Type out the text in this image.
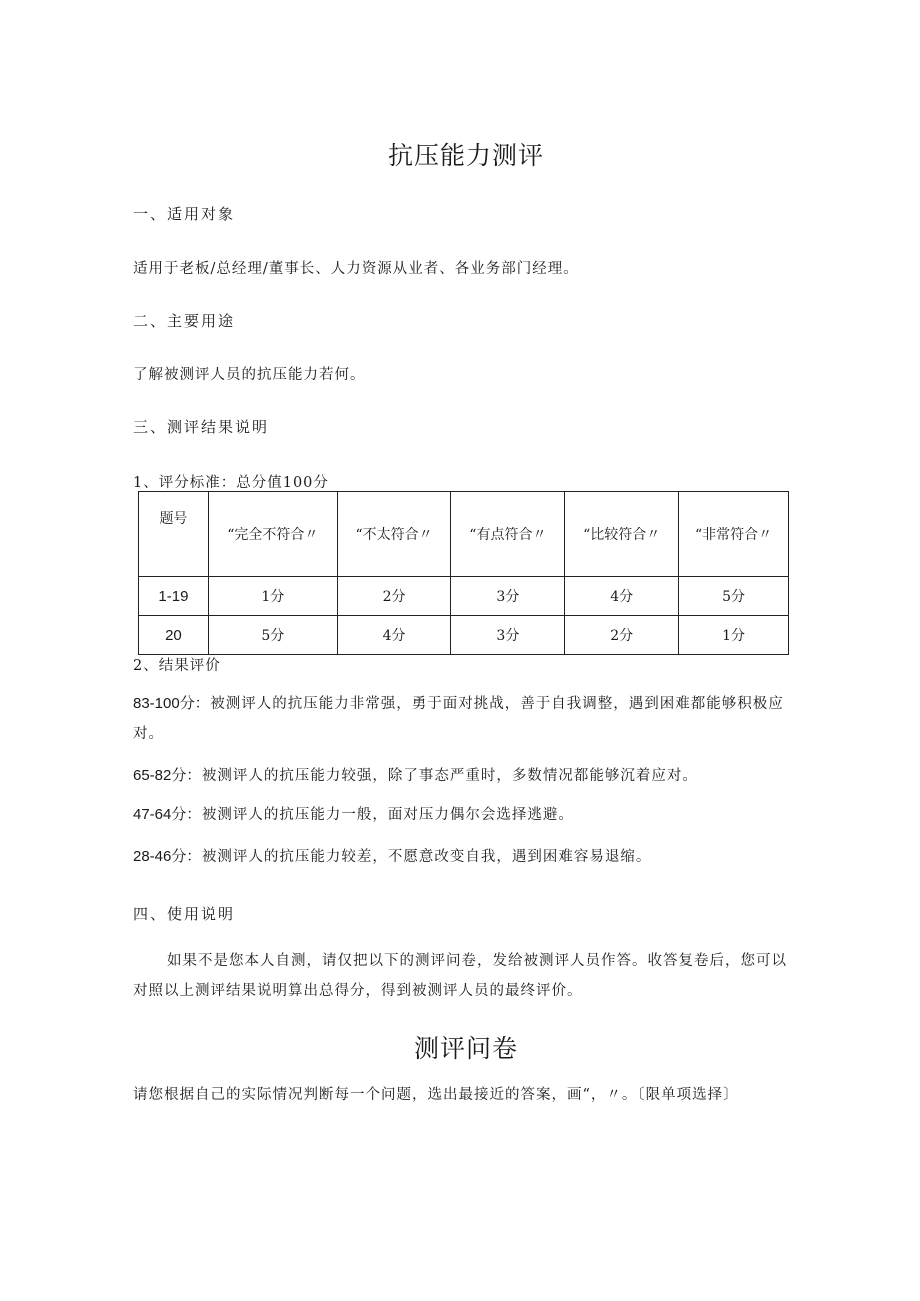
抗压能力测评
一、适用对象
适用于老板/总经理/董事长、人力资源从业者、各业务部门经理。
二、主要用途
了解被测评人员的抗压能力若何。
三、测评结果说明
1、评分标准：总分值100分
题号	“完全不符合〃	“不太符合〃	“有点符合〃	“比较符合〃	“非常符合〃
1-19	1分	2分	3分	4分	5分
20	5分	4分	3分	2分	1分
2、结果评价
83-100分：被测评人的抗压能力非常强，勇于面对挑战，善于自我调整，遇到困难都能够积极应对。
65-82分：被测评人的抗压能力较强，除了事态严重时，多数情况都能够沉着应对。
47-64分：被测评人的抗压能力一般，面对压力偶尔会选择逃避。
28-46分：被测评人的抗压能力较差，不愿意改变自我，遇到困难容易退缩。
四、使用说明
如果不是您本人自测，请仅把以下的测评问卷，发给被测评人员作答。收答复卷后，您可以对照以上测评结果说明算出总得分，得到被测评人员的最终评价。
测评问卷
请您根据自己的实际情况判断每一个问题，选出最接近的答案，画“，〃。〔限单项选择〕
